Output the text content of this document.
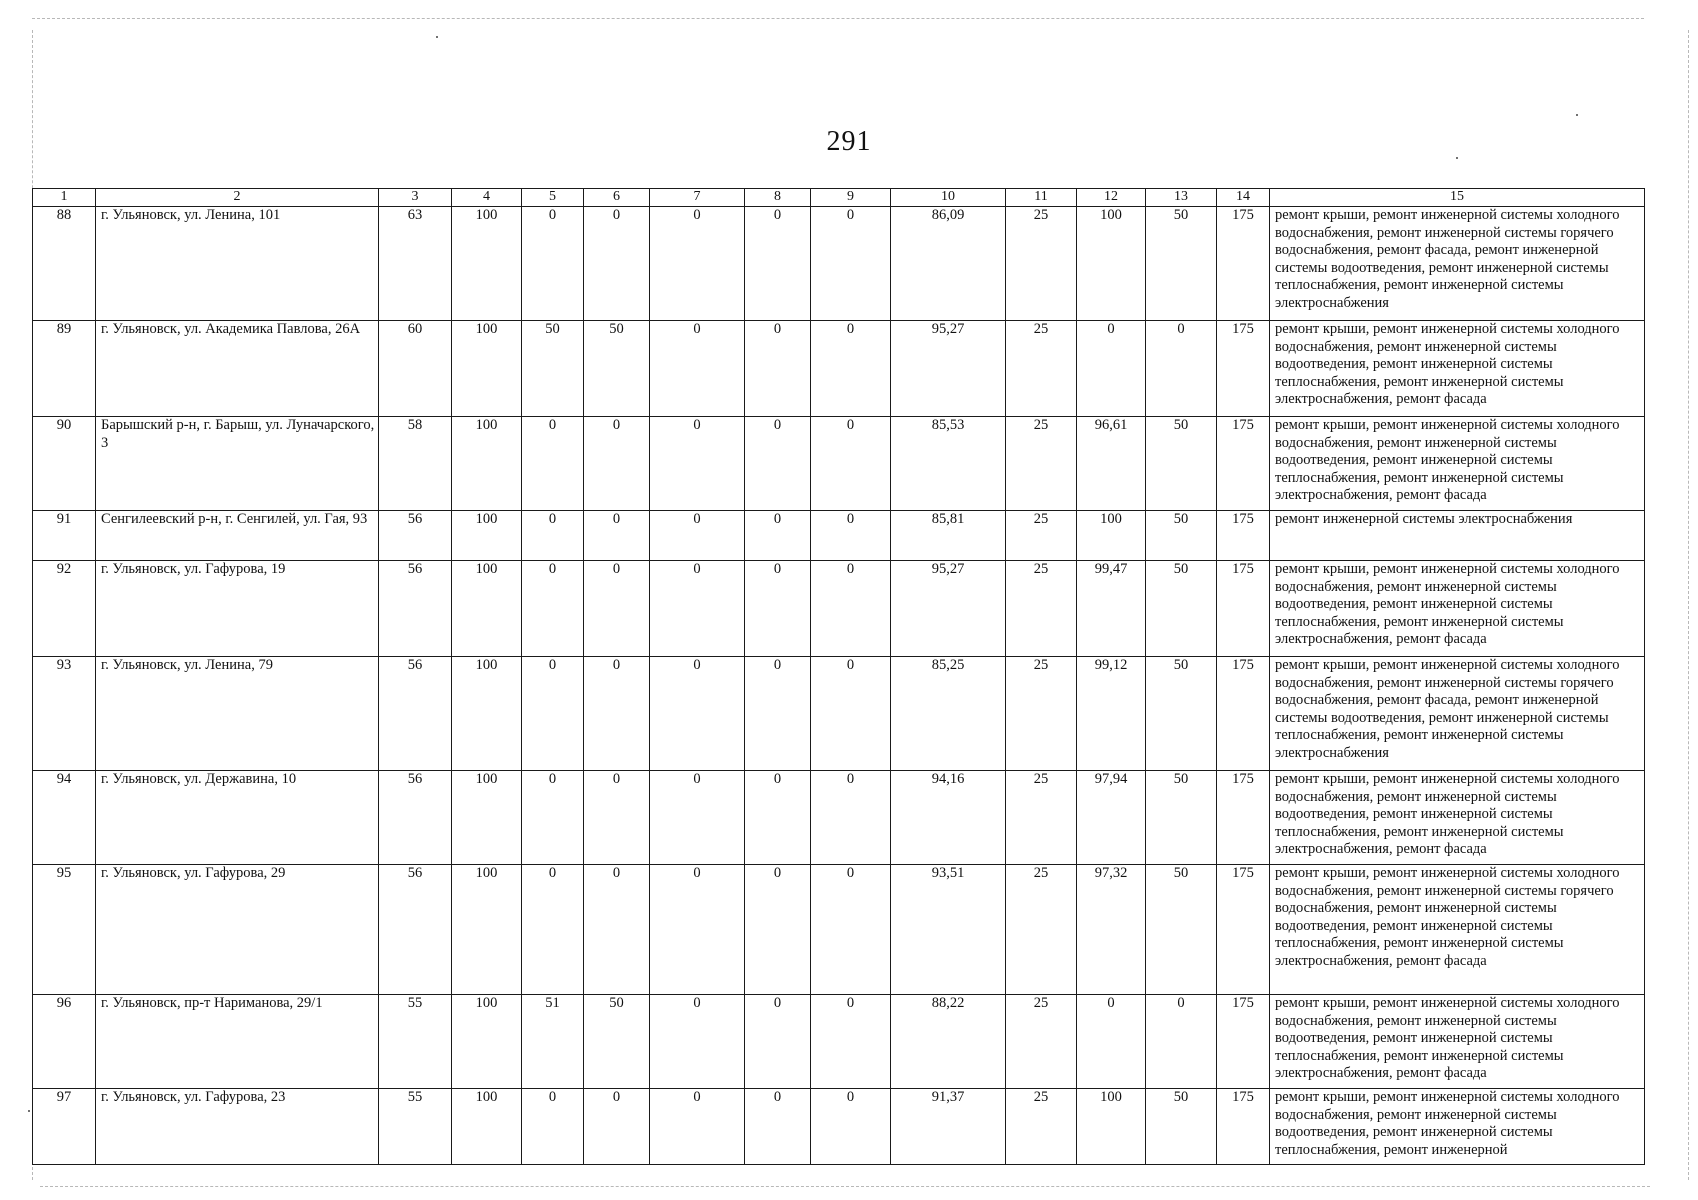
291
1	2	3	4	5	6	7	8	9	10	11	12	13	14	15
88	г. Ульяновск, ул. Ленина, 101	63	100	0	0	0	0	0	86,09	25	100	50	175	ремонт крыши, ремонт инженерной системы холодного водоснабжения, ремонт инженерной системы горячего водоснабжения, ремонт фасада, ремонт инженерной системы водоотведения, ремонт инженерной системы теплоснабжения, ремонт инженерной системы электроснабжения
89	г. Ульяновск, ул. Академика Павлова, 26А	60	100	50	50	0	0	0	95,27	25	0	0	175	ремонт крыши, ремонт инженерной системы холодного водоснабжения, ремонт инженерной системы водоотведения, ремонт инженерной системы теплоснабжения, ремонт инженерной системы электроснабжения, ремонт фасада
90	Барышский р-н, г. Барыш, ул. Луначарского, 3	58	100	0	0	0	0	0	85,53	25	96,61	50	175	ремонт крыши, ремонт инженерной системы холодного водоснабжения, ремонт инженерной системы водоотведения, ремонт инженерной системы теплоснабжения, ремонт инженерной системы электроснабжения, ремонт фасада
91	Сенгилеевский р-н, г. Сенгилей, ул. Гая, 93	56	100	0	0	0	0	0	85,81	25	100	50	175	ремонт инженерной системы электроснабжения
92	г. Ульяновск, ул. Гафурова, 19	56	100	0	0	0	0	0	95,27	25	99,47	50	175	ремонт крыши, ремонт инженерной системы холодного водоснабжения, ремонт инженерной системы водоотведения, ремонт инженерной системы теплоснабжения, ремонт инженерной системы электроснабжения, ремонт фасада
93	г. Ульяновск, ул. Ленина, 79	56	100	0	0	0	0	0	85,25	25	99,12	50	175	ремонт крыши, ремонт инженерной системы холодного водоснабжения, ремонт инженерной системы горячего водоснабжения, ремонт фасада, ремонт инженерной системы водоотведения, ремонт инженерной системы теплоснабжения, ремонт инженерной системы электроснабжения
94	г. Ульяновск, ул. Державина, 10	56	100	0	0	0	0	0	94,16	25	97,94	50	175	ремонт крыши, ремонт инженерной системы холодного водоснабжения, ремонт инженерной системы водоотведения, ремонт инженерной системы теплоснабжения, ремонт инженерной системы электроснабжения, ремонт фасада
95	г. Ульяновск, ул. Гафурова, 29	56	100	0	0	0	0	0	93,51	25	97,32	50	175	ремонт крыши, ремонт инженерной системы холодного водоснабжения, ремонт инженерной системы горячего водоснабжения, ремонт инженерной системы водоотведения, ремонт инженерной системы теплоснабжения, ремонт инженерной системы электроснабжения, ремонт фасада
96	г. Ульяновск, пр-т Нариманова, 29/1	55	100	51	50	0	0	0	88,22	25	0	0	175	ремонт крыши, ремонт инженерной системы холодного водоснабжения, ремонт инженерной системы водоотведения, ремонт инженерной системы теплоснабжения, ремонт инженерной системы электроснабжения, ремонт фасада
97	г. Ульяновск, ул. Гафурова, 23	55	100	0	0	0	0	0	91,37	25	100	50	175	ремонт крыши, ремонт инженерной системы холодного водоснабжения, ремонт инженерной системы водоотведения, ремонт инженерной системы теплоснабжения, ремонт инженерной
